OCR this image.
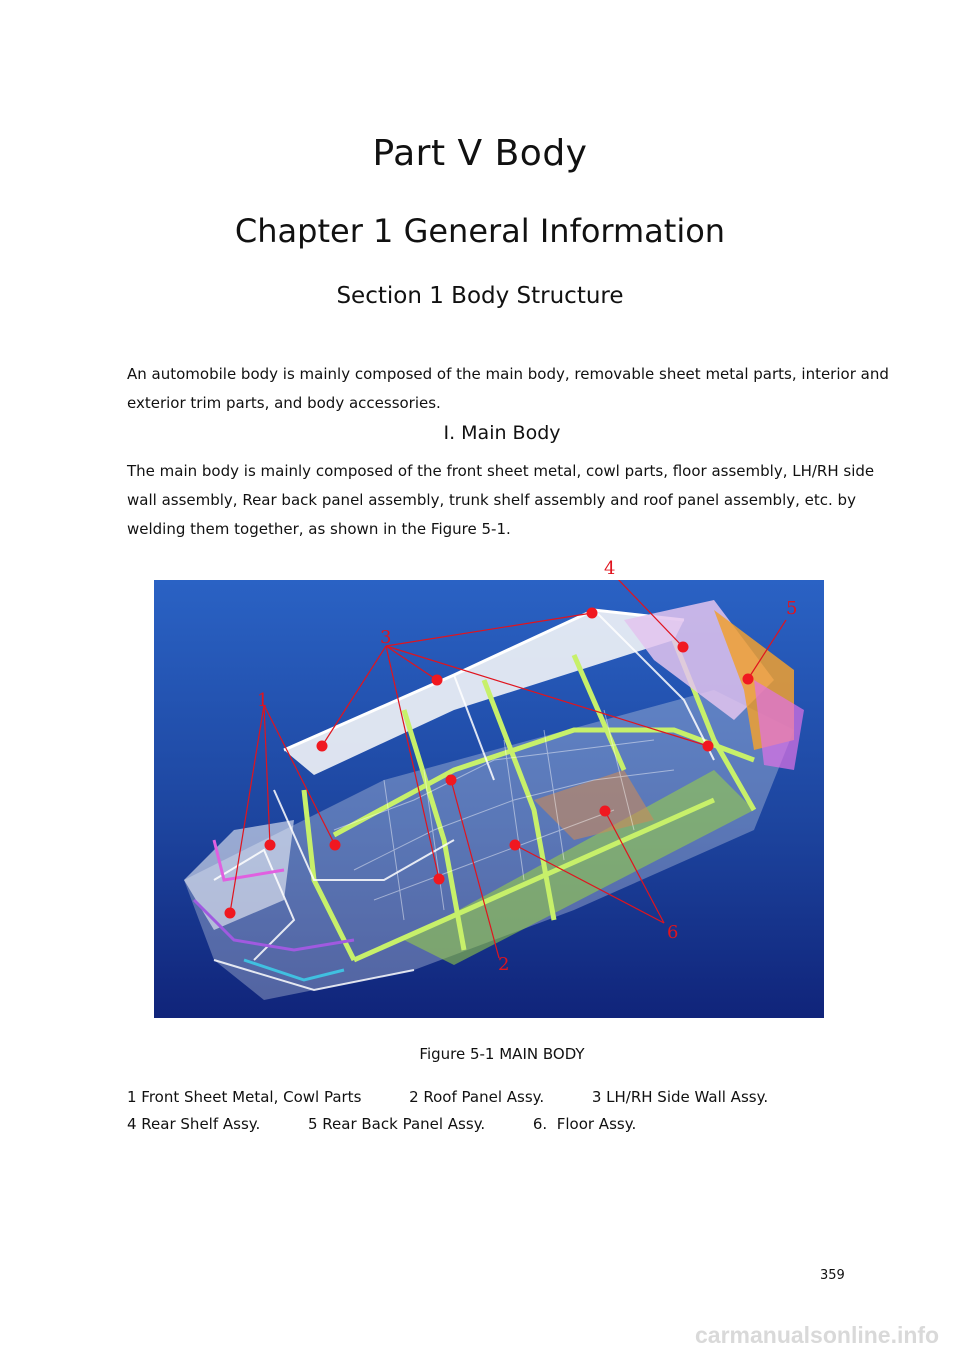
Part V Body
Chapter 1 General Information
Section 1 Body Structure
An automobile body is mainly composed of the main body, removable sheet metal parts, interior and exterior trim parts, and body accessories.
I. Main Body
The main body is mainly composed of the front sheet metal, cowl parts, floor assembly, LH/RH side wall assembly, Rear back panel assembly, trunk shelf assembly and roof panel assembly, etc. by welding them together, as shown in the Figure 5-1.
1
2
3
4
5
6
Figure 5-1 MAIN BODY
1 Front Sheet Metal, Cowl Parts          2 Roof Panel Assy.          3 LH/RH Side Wall Assy.
4 Rear Shelf Assy.          5 Rear Back Panel Assy.          6.  Floor Assy.
359
carmanualsonline.info
